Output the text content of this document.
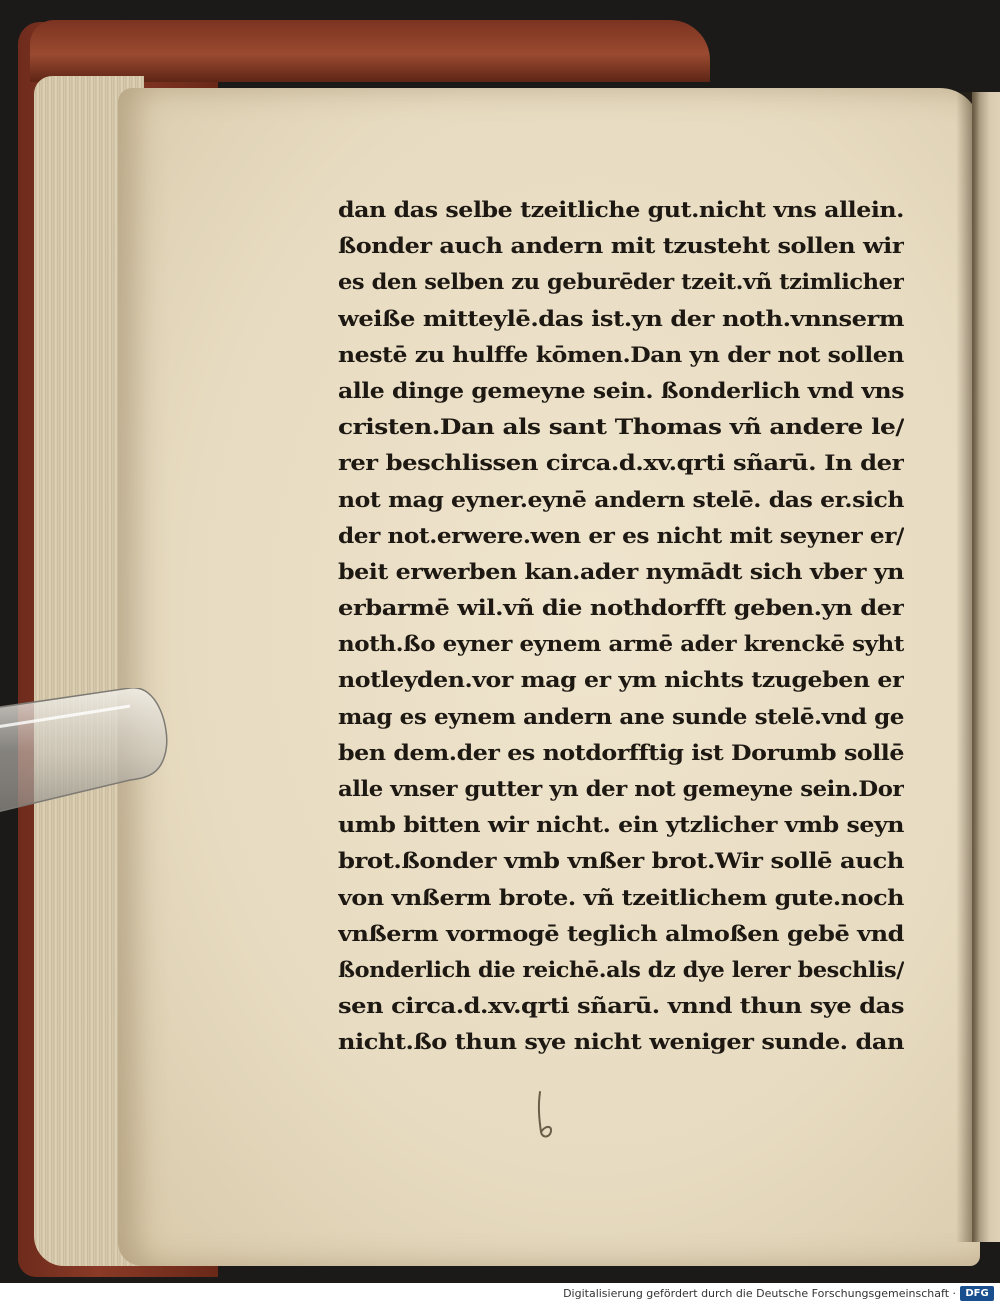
dan das selbe tzeitliche gut.nicht vns allein.
ßonder auch andern mit tzusteht sollen wir
es den selben zu geburēder tzeit.vñ tzimlicher
weiße mitteylē.das ist.yn der noth.vnnserm
nestē zu hulffe kōmen.Dan yn der not sollen
alle dinge gemeyne sein. ßonderlich vnd vns
cristen.Dan als sant Thomas vñ andere le/
rer beschlissen circa.d.xv.qrti sñarū. In der
not mag eyner.eynē andern stelē. das er.sich
der not.erwere.wen er es nicht mit seyner er/
beit erwerben kan.ader nymādt sich vber yn
erbarmē wil.vñ die nothdorfft geben.yn der
noth.ßo eyner eynem armē ader krenckē syht
notleyden.vor mag er ym nichts tzugeben er
mag es eynem andern ane sunde stelē.vnd ge
ben dem.der es notdorfftig ist Dorumb sollē
alle vnser gutter yn der not gemeyne sein.Dor
umb bitten wir nicht. ein ytzlicher vmb seyn
brot.ßonder vmb vnßer brot.Wir sollē auch
von vnßerm brote. vñ tzeitlichem gute.noch
vnßerm vormogē teglich almoßen gebē vnd
ßonderlich die reichē.als dz dye lerer beschlis/
sen circa.d.xv.qrti sñarū. vnnd thun sye das
nicht.ßo thun sye nicht weniger sunde. dan
Digitalisierung gefördert durch die Deutsche Forschungsgemeinschaft · DFG
